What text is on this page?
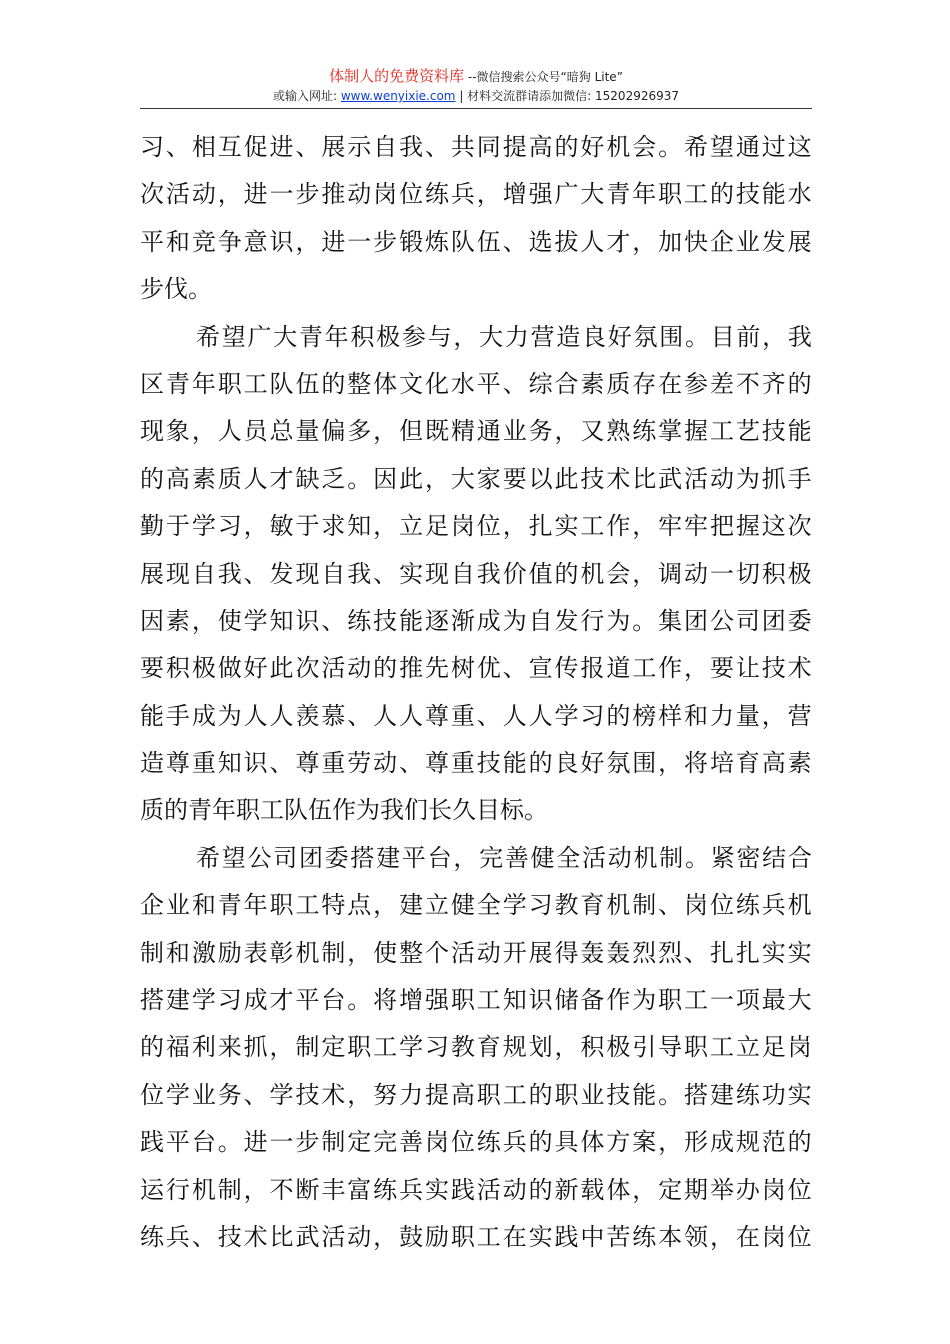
体制人的免费资料库 --微信搜索公众号“暗狗 Lite”
或输入网址: www.wenyixie.com | 材料交流群请添加微信: 15202926937
习 、 相 互 促 进 、 展 示 自 我 、 共 同 提 高 的 好 机 会 。 希 望 通 过 这
次 活 动 ， 进 一 步 推 动 岗 位 练 兵 ， 增 强 广 大 青 年 职 工 的 技 能 水
平 和 竞 争 意 识 ， 进 一 步 锻 炼 队 伍 、 选 拔 人 才 ， 加 快 企 业 发 展
步 伐 。
希 望 广 大 青 年 积 极 参 与 ， 大 力 营 造 良 好 氛 围 。 目 前 ， 我
区 青 年 职 工 队 伍 的 整 体 文 化 水 平 、 综 合 素 质 存 在 参 差 不 齐 的
现 象 ， 人 员 总 量 偏 多 ， 但 既 精 通 业 务 ， 又 熟 练 掌 握 工 艺 技 能
的 高 素 质 人 才 缺 乏 。 因 此 ， 大 家 要 以 此 技 术 比 武 活 动 为 抓 手
勤 于 学 习 ， 敏 于 求 知 ， 立 足 岗 位 ， 扎 实 工 作 ， 牢 牢 把 握 这 次
展 现 自 我 、 发 现 自 我 、 实 现 自 我 价 值 的 机 会 ， 调 动 一 切 积 极
因 素 ， 使 学 知 识 、 练 技 能 逐 渐 成 为 自 发 行 为 。 集 团 公 司 团 委
要 积 极 做 好 此 次 活 动 的 推 先 树 优 、 宣 传 报 道 工 作 ， 要 让 技 术
能 手 成 为 人 人 羡 慕 、 人 人 尊 重 、 人 人 学 习 的 榜 样 和 力 量 ， 营
造 尊 重 知 识 、 尊 重 劳 动 、 尊 重 技 能 的 良 好 氛 围 ， 将 培 育 高 素
质 的 青 年 职 工 队 伍 作 为 我 们 长 久 目 标 。
希 望 公 司 团 委 搭 建 平 台 ， 完 善 健 全 活 动 机 制 。 紧 密 结 合
企 业 和 青 年 职 工 特 点 ， 建 立 健 全 学 习 教 育 机 制 、 岗 位 练 兵 机
制 和 激 励 表 彰 机 制 ， 使 整 个 活 动 开 展 得 轰 轰 烈 烈 、 扎 扎 实 实
搭 建 学 习 成 才 平 台 。 将 增 强 职 工 知 识 储 备 作 为 职 工 一 项 最 大
的 福 利 来 抓 ， 制 定 职 工 学 习 教 育 规 划 ， 积 极 引 导 职 工 立 足 岗
位 学 业 务 、 学 技 术 ， 努 力 提 高 职 工 的 职 业 技 能 。 搭 建 练 功 实
践 平 台 。 进 一 步 制 定 完 善 岗 位 练 兵 的 具 体 方 案 ， 形 成 规 范 的
运 行 机 制 ， 不 断 丰 富 练 兵 实 践 活 动 的 新 载 体 ， 定 期 举 办 岗 位
练 兵 、 技 术 比 武 活 动 ， 鼓 励 职 工 在 实 践 中 苦 练 本 领 ， 在 岗 位
